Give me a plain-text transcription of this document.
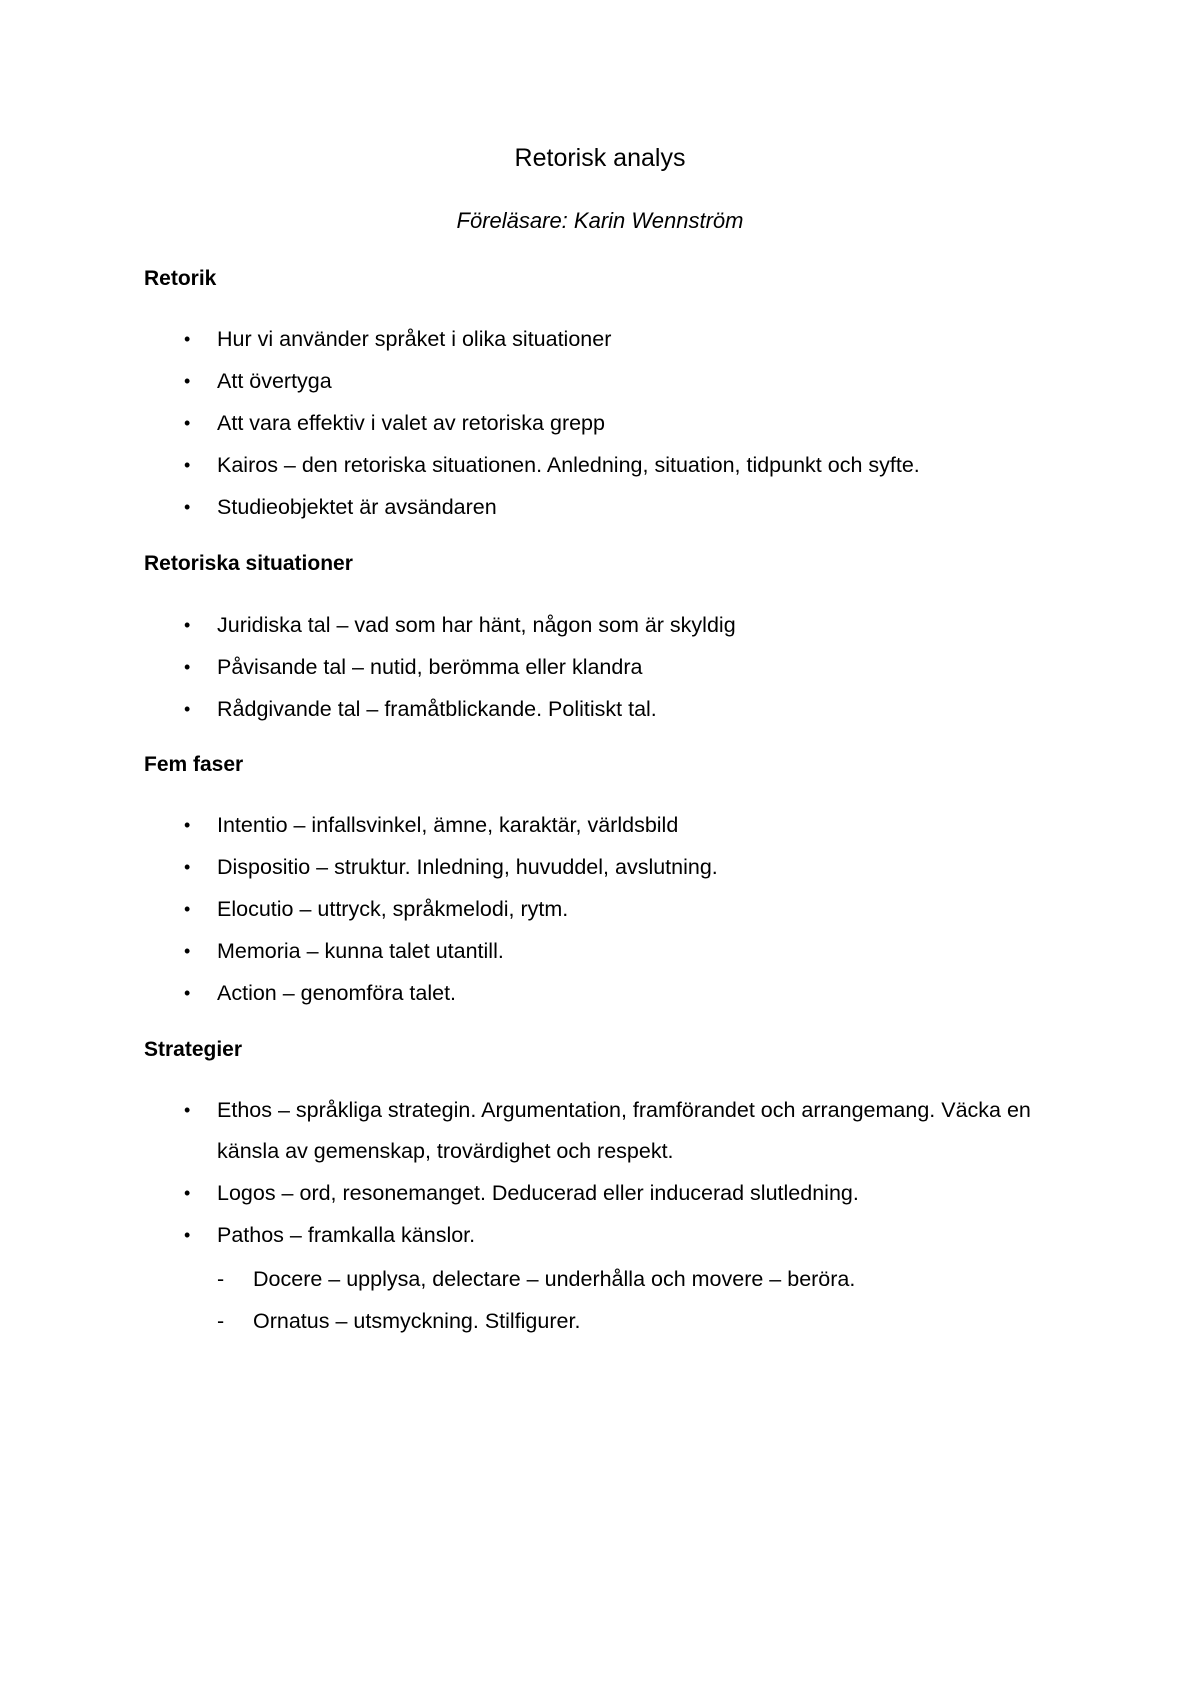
Retorisk analys

Föreläsare: Karin Wennström

Retorik
• Hur vi använder språket i olika situationer
• Att övertyga
• Att vara effektiv i valet av retoriska grepp
• Kairos – den retoriska situationen. Anledning, situation, tidpunkt och syfte.
• Studieobjektet är avsändaren
Retoriska situationer
• Juridiska tal – vad som har hänt, någon som är skyldig
• Påvisande tal – nutid, berömma eller klandra
• Rådgivande tal – framåtblickande. Politiskt tal.
Fem faser
• Intentio – infallsvinkel, ämne, karaktär, världsbild
• Dispositio – struktur. Inledning, huvuddel, avslutning.
• Elocutio – uttryck, språkmelodi, rytm.
• Memoria – kunna talet utantill.
• Action – genomföra talet.
Strategier
• Ethos – språkliga strategin. Argumentation, framförandet och arrangemang. Väcka en känsla av gemenskap, trovärdighet och respekt.
• Logos – ord, resonemanget. Deducerad eller inducerad slutledning.
• Pathos – framkalla känslor.
- Docere – upplysa, delectare – underhålla och movere – beröra.
- Ornatus – utsmyckning. Stilfigurer.
